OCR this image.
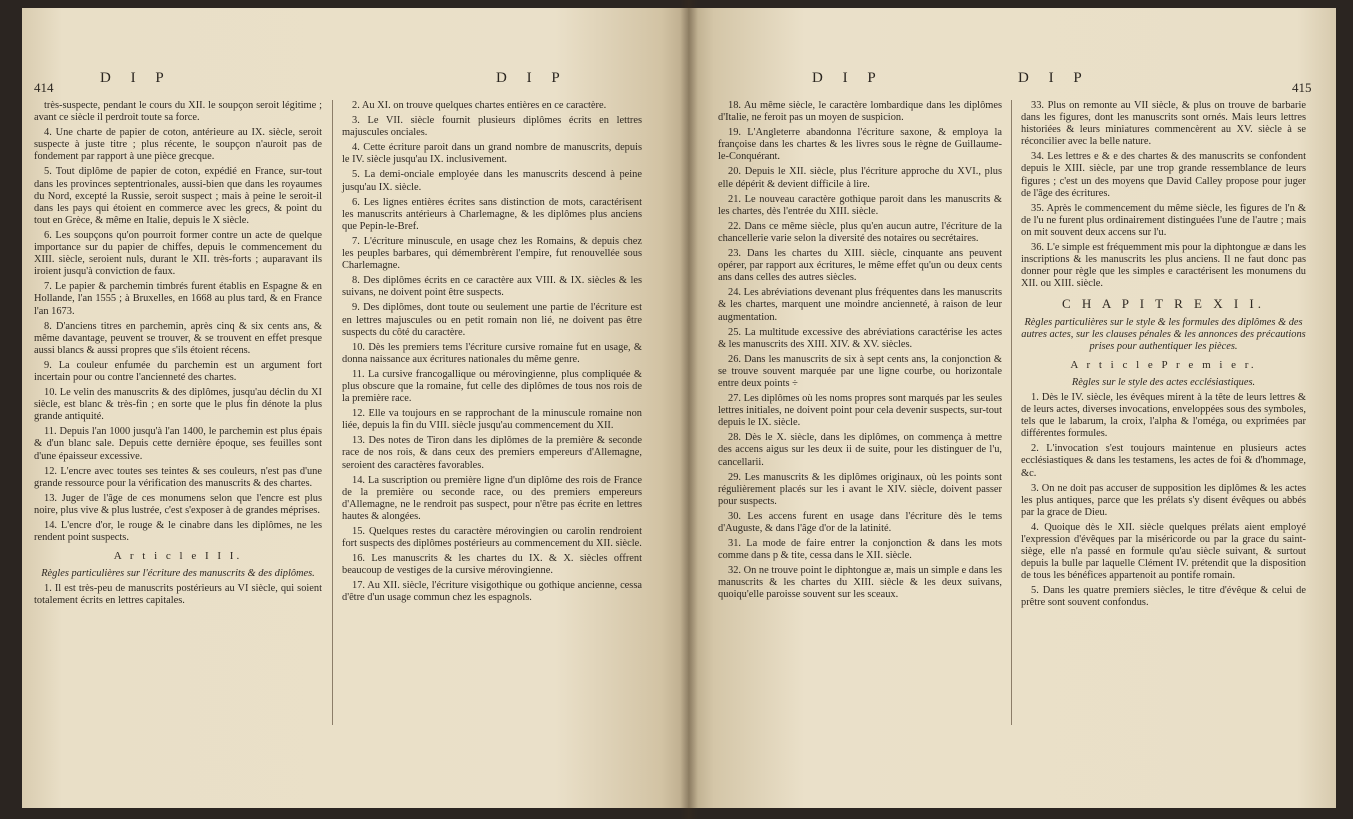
414
D I P	D I P

très-suspecte, pendant le cours du XII. le soupçon seroit légitime ; avant ce siècle il perdroit toute sa force.

4. Une charte de papier de coton, antérieure au IX. siècle, seroit suspecte à juste titre ; plus récente, le soupçon n'auroit pas de fondement par rapport à une pièce grecque.

5. Tout diplôme de papier de coton, expédié en France, sur-tout dans les provinces septentrionales, aussi-bien que dans les royaumes du Nord, excepté la Russie, seroit suspect ; mais à peine le seroit-il dans les pays qui étoient en commerce avec les grecs, & point du tout en Grèce, & même en Italie, depuis le X siècle.

6. Les soupçons qu'on pourroit former contre un acte de quelque importance sur du papier de chiffes, depuis le commencement du XIII. siècle, seroient nuls, durant le XII. très-forts ; auparavant ils iroient jusqu'à conviction de faux.

7. Le papier & parchemin timbrés furent établis en Espagne & en Hollande, l'an 1555 ; à Bruxelles, en 1668 au plus tard, & en France l'an 1673.

8. D'anciens titres en parchemin, après cinq & six cents ans, & même davantage, peuvent se trouver, & se trouvent en effet presque aussi blancs & aussi propres que s'ils étoient récens.

9. La couleur enfumée du parchemin est un argument fort incertain pour ou contre l'ancienneté des chartes.

10. Le velin des manuscrits & des diplômes, jusqu'au déclin du XI siècle, est blanc & très-fin ; en sorte que le plus fin dénote la plus grande antiquité.

11. Depuis l'an 1000 jusqu'à l'an 1400, le parchemin est plus épais & d'un blanc sale. Depuis cette dernière époque, ses feuilles sont d'une épaisseur excessive.

12. L'encre avec toutes ses teintes & ses couleurs, n'est pas d'une grande ressource pour la vérification des manuscrits & des chartes.

13. Juger de l'âge de ces monumens selon que l'encre est plus noire, plus vive & plus lustrée, c'est s'exposer à de grandes méprises.

14. L'encre d'or, le rouge & le cinabre dans les diplômes, ne les rendent point suspects.

A r t i c l e I I I.

Règles particulières sur l'écriture des manuscrits & des diplômes.

1. Il est très-peu de manuscrits postérieurs au VI siècle, qui soient totalement écrits en lettres capitales.

2. Au XI. on trouve quelques chartes entières en ce caractère.

3. Le VII. siècle fournit plusieurs diplômes écrits en lettres majuscules onciales.

4. Cette écriture paroit dans un grand nombre de manuscrits, depuis le IV. siècle jusqu'au IX. inclusivement.

5. La demi-onciale employée dans les manuscrits descend à peine jusqu'au IX. siècle.

6. Les lignes entières écrites sans distinction de mots, caractérisent les manuscrits antérieurs à Charlemagne, & les diplômes plus anciens que Pepin-le-Bref.

7. L'écriture minuscule, en usage chez les Romains, & depuis chez les peuples barbares, qui démembrèrent l'empire, fut renouvellée sous Charlemagne.

8. Des diplômes écrits en ce caractère aux VIII. & IX. siècles & les suivans, ne doivent point être suspects.

9. Des diplômes, dont toute ou seulement une partie de l'écriture est en lettres majuscules ou en petit romain non lié, ne doivent pas être suspects du côté du caractère.

10. Dès les premiers tems l'écriture cursive romaine fut en usage, & donna naissance aux écritures nationales du même genre.

11. La cursive francogallique ou mérovingienne, plus compliquée & plus obscure que la romaine, fut celle des diplômes de tous nos rois de la première race.

12. Elle va toujours en se rapprochant de la minuscule romaine non liée, depuis la fin du VIII. siècle jusqu'au commencement du XII.

13. Des notes de Tiron dans les diplômes de la première & seconde race de nos rois, & dans ceux des premiers empereurs d'Allemagne, seroient des caractères favorables.

14. La suscription ou première ligne d'un diplôme des rois de France de la première ou seconde race, ou des premiers empereurs d'Allemagne, ne le rendroit pas suspect, pour n'être pas écrite en lettres hautes & alongées.

15. Quelques restes du caractère mérovingien ou carolin rendroient fort suspects des diplômes postérieurs au commencement du XII. siècle.

16. Les manuscrits & les chartes du IX. & X. siècles offrent beaucoup de vestiges de la cursive mérovingienne.

17. Au XII. siècle, l'écriture visigothique ou gothique ancienne, cessa d'être d'un usage commun chez les espagnols.

D I P	D I P
415

18. Au même siècle, le caractère lombardique dans les diplômes d'Italie, ne feroit pas un moyen de suspicion.

19. L'Angleterre abandonna l'écriture saxone, & employa la françoise dans les chartes & les livres sous le règne de Guillaume-le-Conquérant.

20. Depuis le XII. siècle, plus l'écriture approche du XVI., plus elle dépérit & devient difficile à lire.

21. Le nouveau caractère gothique paroit dans les manuscrits & les chartes, dès l'entrée du XIII. siècle.

22. Dans ce même siècle, plus qu'en aucun autre, l'écriture de la chancellerie varie selon la diversité des notaires ou secrétaires.

23. Dans les chartes du XIII. siècle, cinquante ans peuvent opérer, par rapport aux écritures, le même effet qu'un ou deux cents ans dans celles des autres siècles.

24. Les abréviations devenant plus fréquentes dans les manuscrits & les chartes, marquent une moindre ancienneté, à raison de leur augmentation.

25. La multitude excessive des abréviations caractérise les actes & les manuscrits des XIII. XIV. & XV. siècles.

26. Dans les manuscrits de six à sept cents ans, la conjonction & se trouve souvent marquée par une ligne courbe, ou horizontale entre deux points ÷

27. Les diplômes où les noms propres sont marqués par les seules lettres initiales, ne doivent point pour cela devenir suspects, sur-tout depuis le IX. siècle.

28. Dès le X. siècle, dans les diplômes, on commença à mettre des accens aigus sur les deux ii de suite, pour les distinguer de l'u, cancellarii.

29. Les manuscrits & les diplômes originaux, où les points sont régulièrement placés sur les i avant le XIV. siècle, doivent passer pour suspects.

30. Les accens furent en usage dans l'écriture dès le tems d'Auguste, & dans l'âge d'or de la latinité.

31. La mode de faire entrer la conjonction & dans les mots comme dans p & tite, cessa dans le XII. siècle.

32. On ne trouve point le diphtongue æ, mais un simple e dans les manuscrits & les chartes du XIII. siècle & les deux suivans, quoiqu'elle paroisse souvent sur les sceaux.

33. Plus on remonte au VII siècle, & plus on trouve de barbarie dans les figures, dont les manuscrits sont ornés. Mais leurs lettres historiées & leurs miniatures commencèrent au XV. siècle à se réconcilier avec la belle nature.

34. Les lettres e & e des chartes & des manuscrits se confondent depuis le XIII. siècle, par une trop grande ressemblance de leurs figures ; c'est un des moyens que David Calley propose pour juger de l'âge des écritures.

35. Après le commencement du même siècle, les figures de l'n & de l'u ne furent plus ordinairement distinguées l'une de l'autre ; mais on mit souvent deux accens sur l'u.

36. L'e simple est fréquemment mis pour la diphtongue æ dans les inscriptions & les manuscrits les plus anciens. Il ne faut donc pas donner pour règle que les simples e caractérisent les monumens du XII. ou XIII. siècle.

C H A P I T R E X I I.

Règles particulières sur le style & les formules des diplômes & des autres actes, sur les clauses pénales & les annonces des précautions prises pour authentiquer les pièces.

A r t i c l e P r e m i e r.

Règles sur le style des actes ecclésiastiques.

1. Dès le IV. siècle, les évêques mirent à la tête de leurs lettres & de leurs actes, diverses invocations, enveloppées sous des symboles, tels que le labarum, la croix, l'alpha & l'oméga, ou exprimées par différentes formules.

2. L'invocation s'est toujours maintenue en plusieurs actes ecclésiastiques & dans les testamens, les actes de foi & d'hommage, &c.

3. On ne doit pas accuser de supposition les diplômes & les actes les plus antiques, parce que les prélats s'y disent évêques ou abbés par la grace de Dieu.

4. Quoique dès le XII. siècle quelques prélats aient employé l'expression d'évêques par la miséricorde ou par la grace du saint-siège, elle n'a passé en formule qu'au siècle suivant, & surtout depuis la bulle par laquelle Clément IV. prétendit que la disposition de tous les bénéfices appartenoit au pontife romain.

5. Dans les quatre premiers siècles, le titre d'évêque & celui de prêtre sont souvent confondus.
